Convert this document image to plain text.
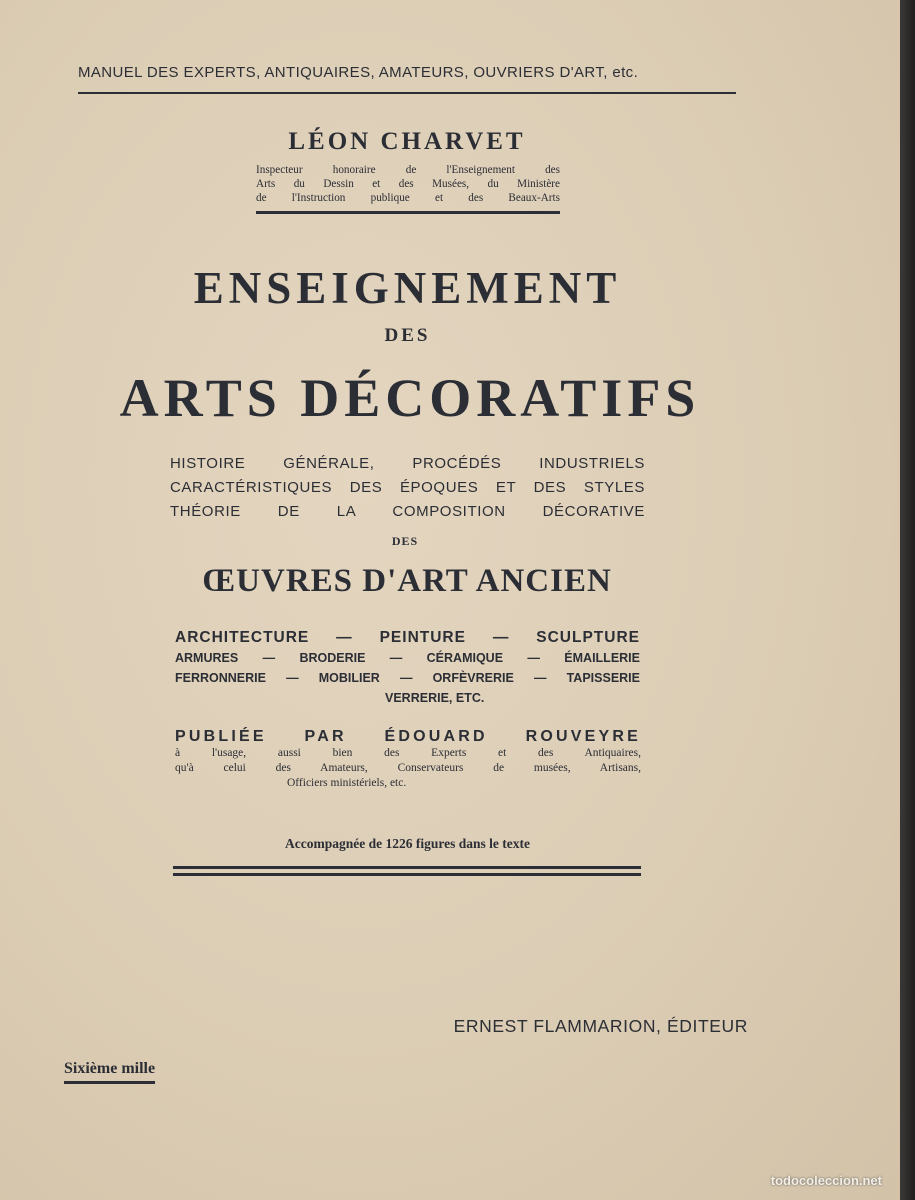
MANUEL DES EXPERTS, ANTIQUAIRES, AMATEURS, OUVRIERS D'ART, etc.
LÉON CHARVET
Inspecteur honoraire de l'Enseignement des
Arts du Dessin et des Musées, du Ministère
de l'Instruction publique et des Beaux-Arts
ENSEIGNEMENT
DES
ARTS DÉCORATIFS
HISTOIRE GÉNÉRALE, PROCÉDÉS INDUSTRIELS
CARACTÉRISTIQUES DES ÉPOQUES ET DES STYLES
THÉORIE DE LA COMPOSITION DÉCORATIVE
DES
ŒUVRES D'ART ANCIEN
ARCHITECTURE — PEINTURE — SCULPTURE
ARMURES — BRODERIE — CÉRAMIQUE — ÉMAILLERIE
FERRONNERIE — MOBILIER — ORFÈVRERIE — TAPISSERIE
VERRERIE, ETC.
PUBLIÉE PAR ÉDOUARD ROUVEYRE
à l'usage, aussi bien des Experts et des Antiquaires,
qu'à celui des Amateurs, Conservateurs de musées, Artisans,
Officiers ministériels, etc.
Accompagnée de 1226 figures dans le texte
ERNEST FLAMMARION, ÉDITEUR
Sixième mille
todocoleccion.net
